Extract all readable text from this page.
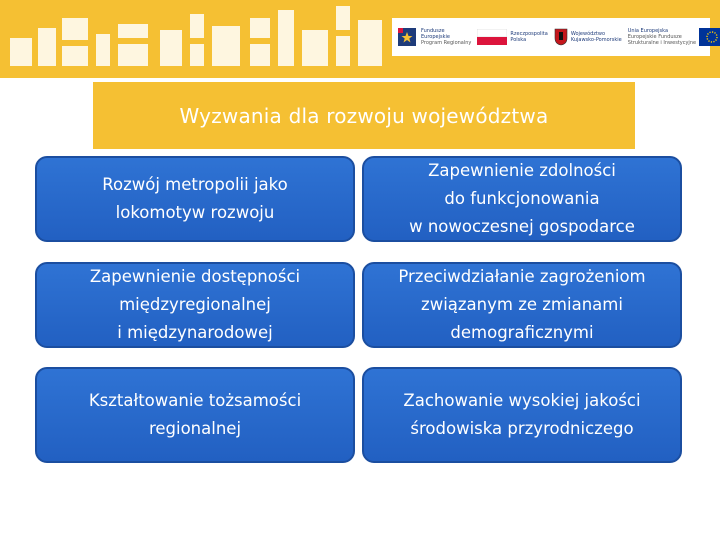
Fundusze
Europejskie
Program Regionalny
Rzeczpospolita
Polska
Województwo
Kujawsko-Pomorskie
Unia Europejska
Europejskie Fundusze
Strukturalne i Inwestycyjne
Wyzwania dla rozwoju województwa
Rozwój metropolii jako
lokomotyw rozwoju
Zapewnienie zdolności
do funkcjonowania
w nowoczesnej gospodarce
Zapewnienie dostępności
międzyregionalnej
i międzynarodowej
Przeciwdziałanie zagrożeniom
związanym ze zmianami
demograficznymi
Kształtowanie tożsamości
regionalnej
Zachowanie wysokiej jakości
środowiska przyrodniczego
